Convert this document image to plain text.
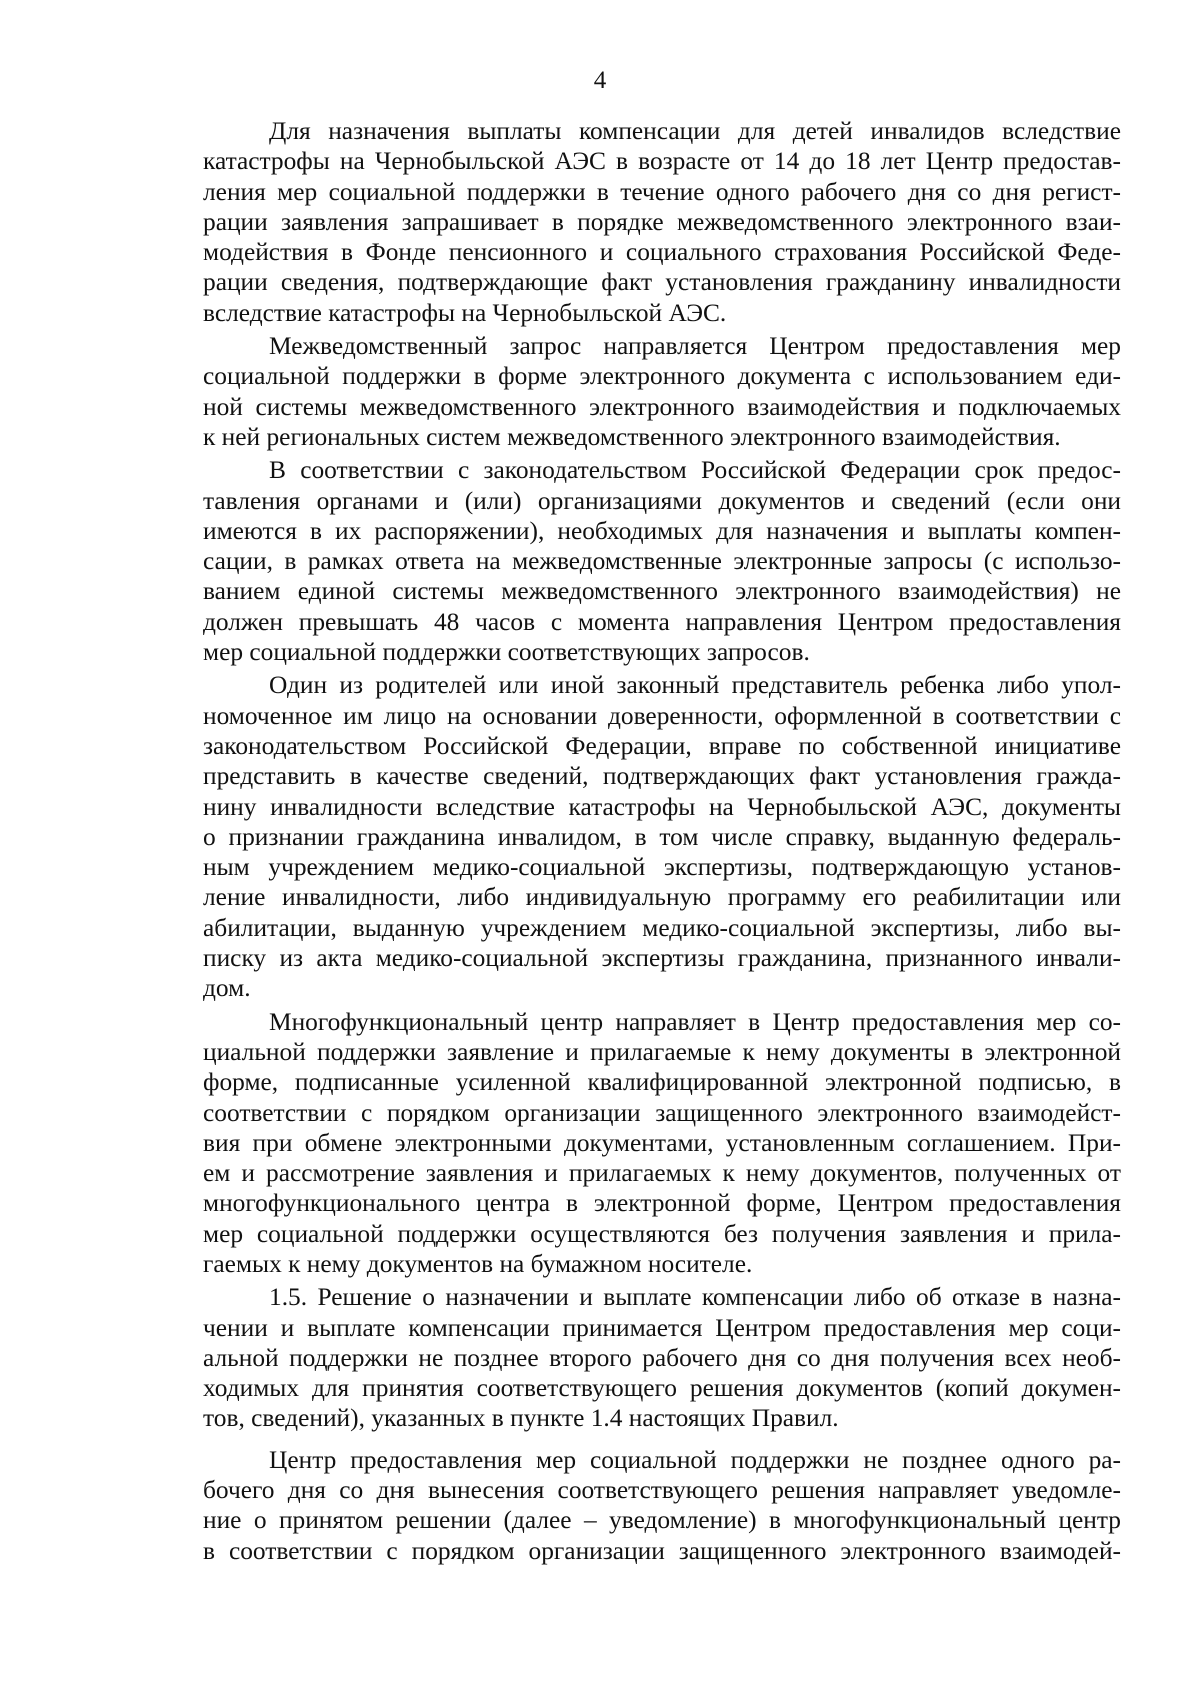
4
Для назначения выплаты компенсации для детей инвалидов вследствие
катастрофы на Чернобыльской АЭС в возрасте от 14 до 18 лет Центр предостав-
ления мер социальной поддержки в течение одного рабочего дня со дня регист-
рации заявления запрашивает в порядке межведомственного электронного взаи-
модействия в Фонде пенсионного и социального страхования Российской Феде-
рации сведения, подтверждающие факт установления гражданину инвалидности
вследствие катастрофы на Чернобыльской АЭС.
Межведомственный запрос направляется Центром предоставления мер
социальной поддержки в форме электронного документа с использованием еди-
ной системы межведомственного электронного взаимодействия и подключаемых
к ней региональных систем межведомственного электронного взаимодействия.
В соответствии с законодательством Российской Федерации срок предос-
тавления органами и (или) организациями документов и сведений (если они
имеются в их распоряжении), необходимых для назначения и выплаты компен-
сации, в рамках ответа на межведомственные электронные запросы (с использо-
ванием единой системы межведомственного электронного взаимодействия) не
должен превышать 48 часов с момента направления Центром предоставления
мер социальной поддержки соответствующих запросов.
Один из родителей или иной законный представитель ребенка либо упол-
номоченное им лицо на основании доверенности, оформленной в соответствии с
законодательством Российской Федерации, вправе по собственной инициативе
представить в качестве сведений, подтверждающих факт установления гражда-
нину инвалидности вследствие катастрофы на Чернобыльской АЭС, документы
о признании гражданина инвалидом, в том числе справку, выданную федераль-
ным учреждением медико-социальной экспертизы, подтверждающую установ-
ление инвалидности, либо индивидуальную программу его реабилитации или
абилитации, выданную учреждением медико-социальной экспертизы, либо вы-
писку из акта медико-социальной экспертизы гражданина, признанного инвали-
дом.
Многофункциональный центр направляет в Центр предоставления мер со-
циальной поддержки заявление и прилагаемые к нему документы в электронной
форме, подписанные усиленной квалифицированной электронной подписью, в
соответствии с порядком организации защищенного электронного взаимодейст-
вия при обмене электронными документами, установленным соглашением. При-
ем и рассмотрение заявления и прилагаемых к нему документов, полученных от
многофункционального центра в электронной форме, Центром предоставления
мер социальной поддержки осуществляются без получения заявления и прила-
гаемых к нему документов на бумажном носителе.
1.5. Решение о назначении и выплате компенсации либо об отказе в назна-
чении и выплате компенсации принимается Центром предоставления мер соци-
альной поддержки не позднее второго рабочего дня со дня получения всех необ-
ходимых для принятия соответствующего решения документов (копий докумен-
тов, сведений), указанных в пункте 1.4 настоящих Правил.
Центр предоставления мер социальной поддержки не позднее одного ра-
бочего дня со дня вынесения соответствующего решения направляет уведомле-
ние о принятом решении (далее – уведомление) в многофункциональный центр
в соответствии с порядком организации защищенного электронного взаимодей-
